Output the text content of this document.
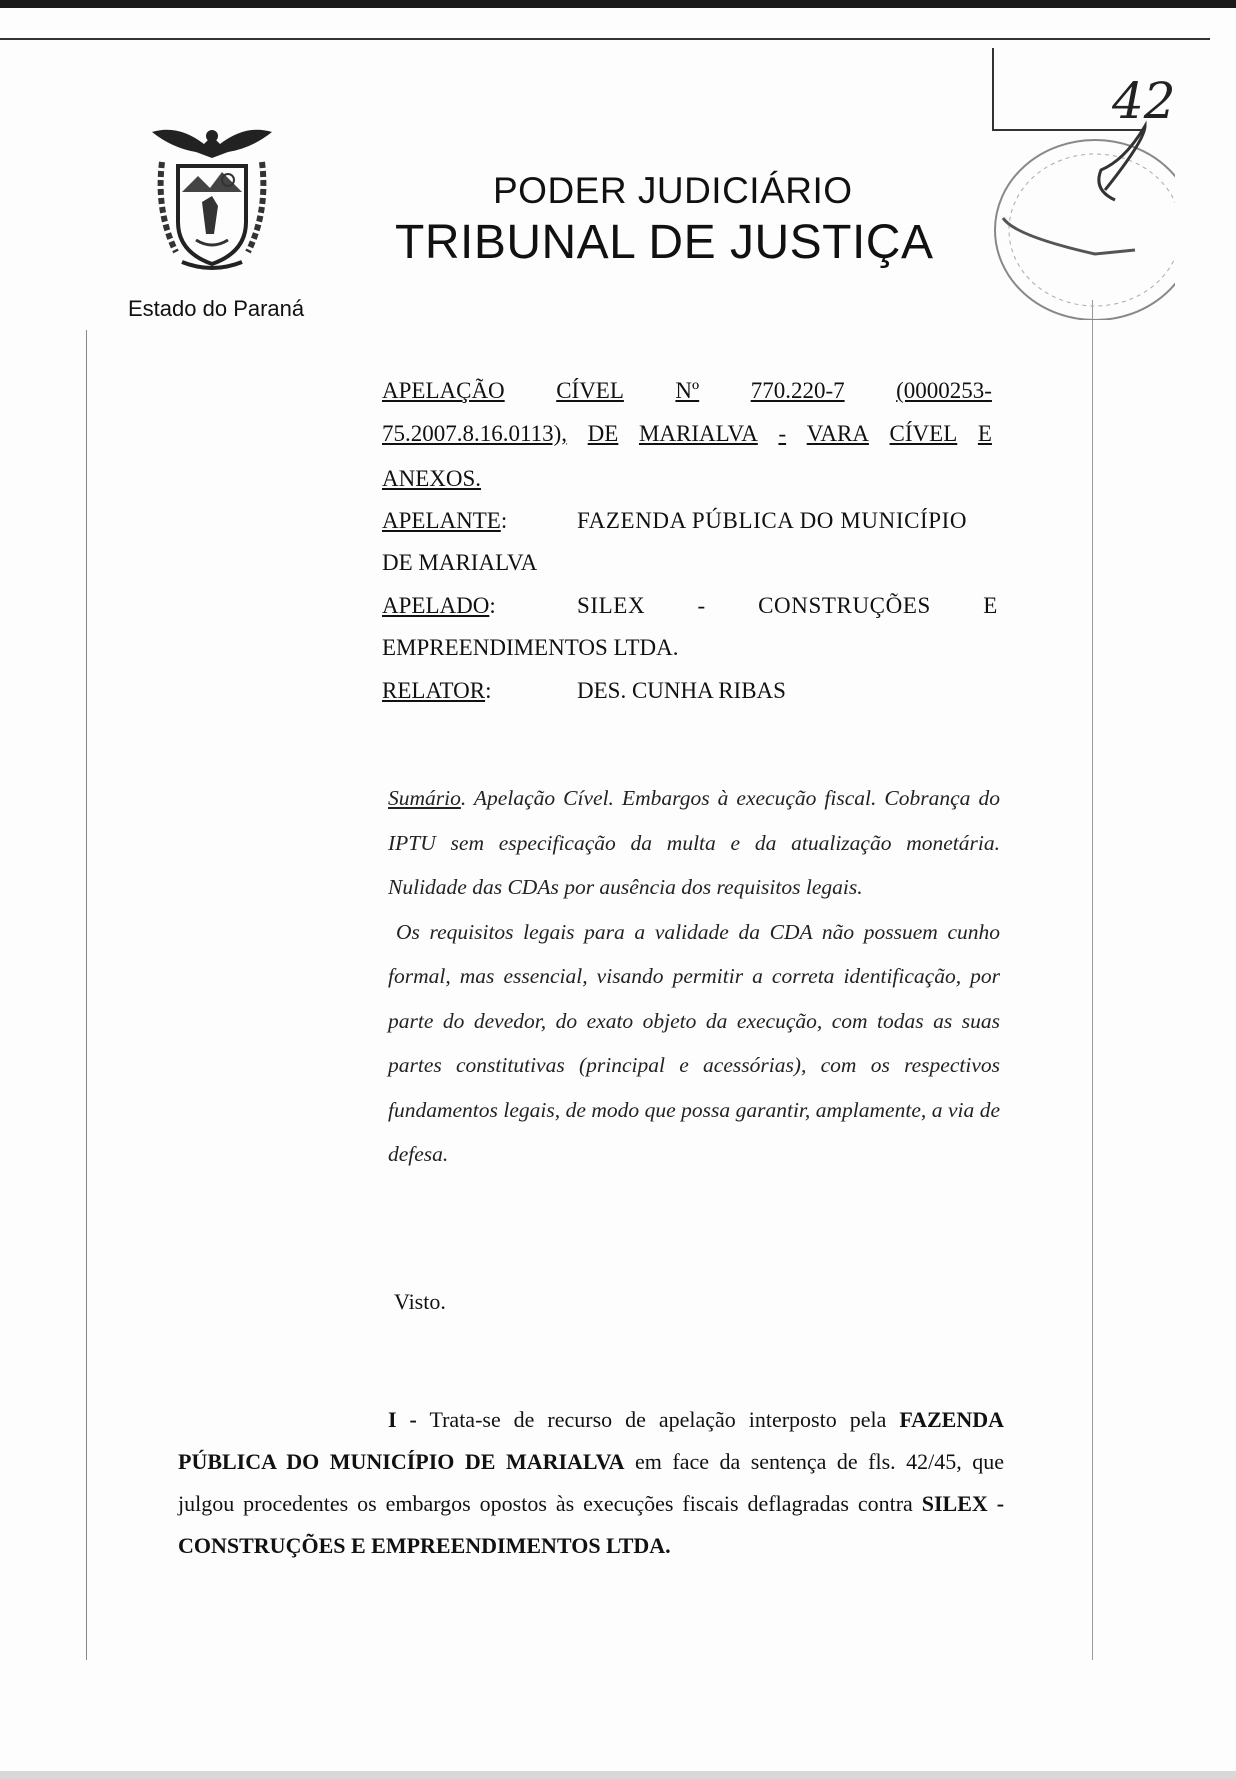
Estado do Paraná
PODER JUDICIÁRIO
TRIBUNAL DE JUSTIÇA
42
APELAÇÃO CÍVEL Nº 770.220-7 (0000253-
75.2007.8.16.0113), DE MARIALVA - VARA CÍVEL E
ANEXOS.
APELANTE:	FAZENDA PÚBLICA DO MUNICÍPIO
DE MARIALVA
APELADO:	SILEX - CONSTRUÇÕES E
EMPREENDIMENTOS LTDA.
RELATOR:	DES. CUNHA RIBAS

Sumário. Apelação Cível. Embargos à execução fiscal. Cobrança do IPTU sem especificação da multa e da atualização monetária. Nulidade das CDAs por ausência dos requisitos legais.

Os requisitos legais para a validade da CDA não possuem cunho formal, mas essencial, visando permitir a correta identificação, por parte do devedor, do exato objeto da execução, com todas as suas partes constitutivas (principal e acessórias), com os respectivos fundamentos legais, de modo que possa garantir, amplamente, a via de defesa.

Visto.
I - Trata-se de recurso de apelação interposto pela FAZENDA PÚBLICA DO MUNICÍPIO DE MARIALVA em face da sentença de fls. 42/45, que julgou procedentes os embargos opostos às execuções fiscais deflagradas contra SILEX - CONSTRUÇÕES E EMPREENDIMENTOS LTDA.
